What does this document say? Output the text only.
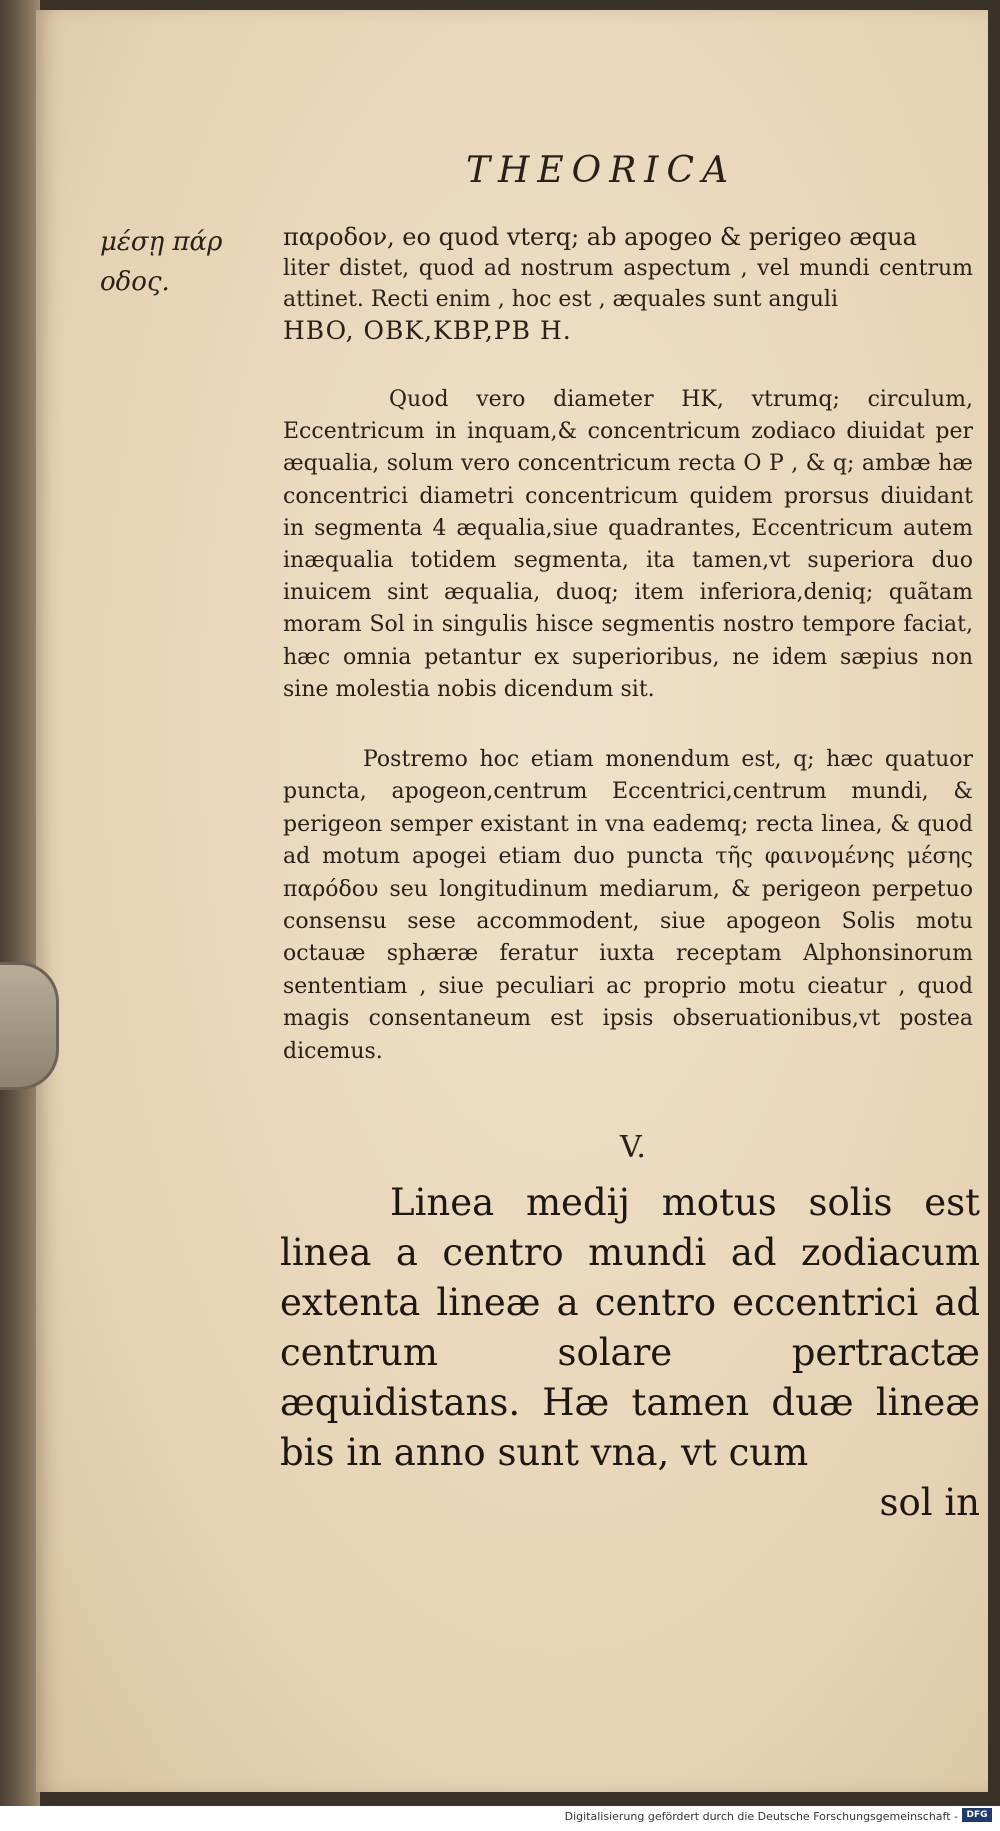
THEORICA
μέσῃ πάρ
οδος.
παροδον, eo quod vterq; ab apogeo & perigeo æqua
liter distet, quod ad nostrum aspectum , vel mundi centrum attinet. Recti enim , hoc est , æquales sunt anguli
HBO, OBK,KBP,PB H.
Quod vero diameter HK, vtrumq; circulum, Eccentricum in inquam,& concentricum zodiaco diuidat per æqualia, solum vero concentricum recta O P , & q; ambæ hæ concentrici diametri concentricum quidem prorsus diuidant in segmenta 4 æqualia,siue quadrantes, Eccentricum autem inæqualia totidem segmenta, ita tamen,vt superiora duo inuicem sint æqualia, duoq; item inferiora,deniq; quãtam moram Sol in singulis hisce segmentis nostro tempore faciat, hæc omnia petantur ex superioribus, ne idem sæpius non sine molestia nobis dicendum sit.
Postremo hoc etiam monendum est, q; hæc quatuor puncta, apogeon,centrum Eccentrici,centrum mundi, & perigeon semper existant in vna eademq; recta linea, & quod ad motum apogei etiam duo puncta τῆς φαινομένης μέσης παρόδου seu longitudinum mediarum, & perigeon perpetuo consensu sese accommodent, siue apogeon Solis motu octauæ sphæræ feratur iuxta receptam Alphonsinorum sententiam , siue peculiari ac proprio motu cieatur , quod magis consentaneum est ipsis obseruationibus,vt postea dicemus.
V.
Linea medij motus solis est linea a centro mundi ad zodiacum extenta lineæ a centro eccentrici ad centrum solare pertractæ æquidistans. Hæ tamen duæ lineæ bis in anno sunt vna, vt cum
sol in
Digitalisierung gefördert durch die Deutsche Forschungsgemeinschaft - DFG
